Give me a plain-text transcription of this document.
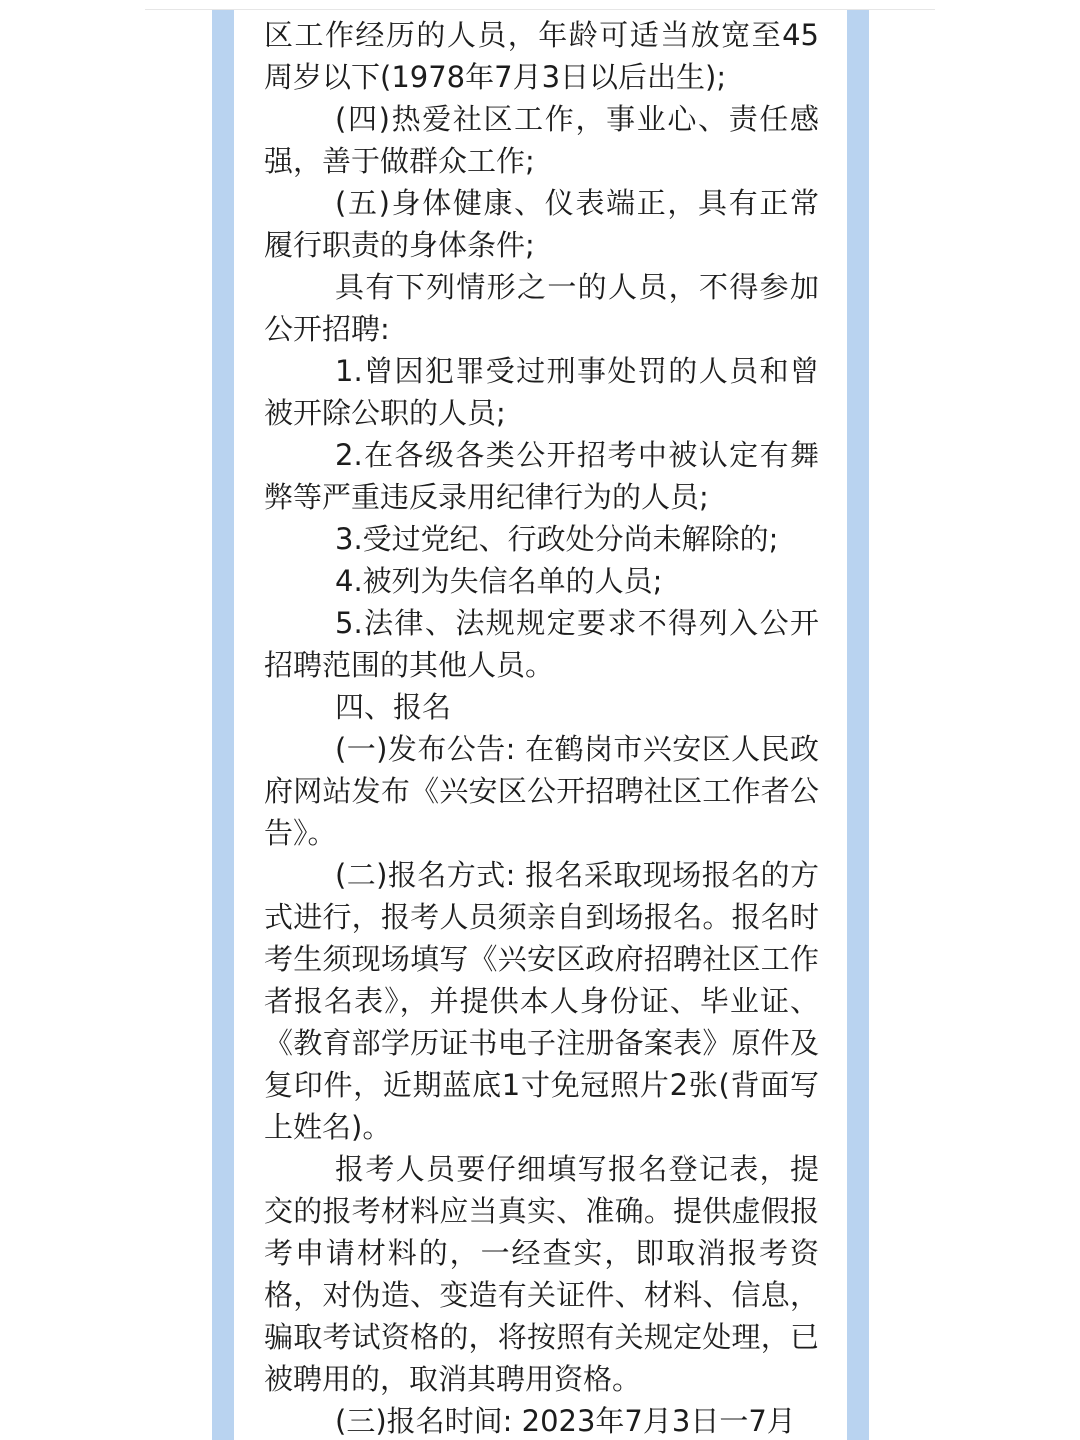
区工作经历的人员，年龄可适当放宽至45周岁以下(1978年7月3日以后出生);

(四)热爱社区工作，事业心、责任感强，善于做群众工作;

(五)身体健康、仪表端正，具有正常履行职责的身体条件;

具有下列情形之一的人员，不得参加公开招聘:

1.曾因犯罪受过刑事处罚的人员和曾被开除公职的人员;

2.在各级各类公开招考中被认定有舞弊等严重违反录用纪律行为的人员;

3.受过党纪、行政处分尚未解除的;

4.被列为失信名单的人员;

5.法律、法规规定要求不得列入公开招聘范围的其他人员。

四、报名

(一)发布公告: 在鹤岗市兴安区人民政府网站发布《兴安区公开招聘社区工作者公告》。

(二)报名方式: 报名采取现场报名的方式进行，报考人员须亲自到场报名。报名时考生须现场填写《兴安区政府招聘社区工作者报名表》，并提供本人身份证、毕业证、《教育部学历证书电子注册备案表》原件及复印件，近期蓝底1寸免冠照片2张(背面写上姓名)。

报考人员要仔细填写报名登记表，提交的报考材料应当真实、准确。提供虚假报考申请材料的，一经查实，即取消报考资格，对伪造、变造有关证件、材料、信息，骗取考试资格的，将按照有关规定处理，已被聘用的，取消其聘用资格。

(三)报名时间: 2023年7月3日一7月
